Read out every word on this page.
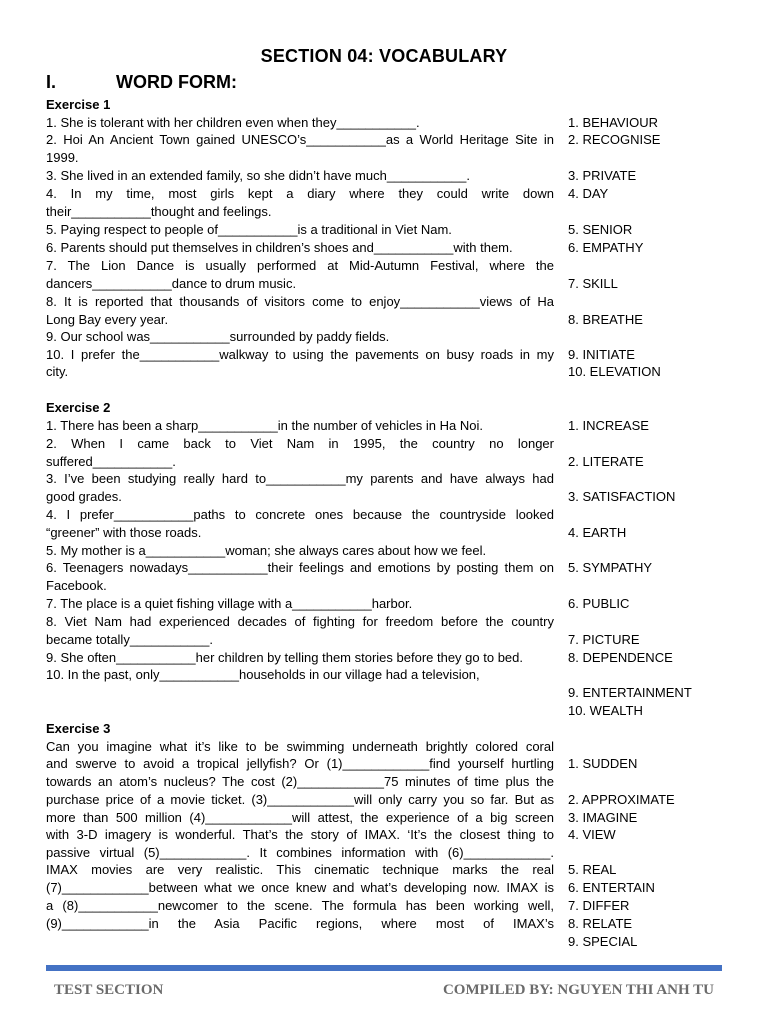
SECTION 04: VOCABULARY
I.	WORD FORM:
Exercise 1
Exercise 2
Exercise 3
1. She is tolerant with her children even when they___________.
2. Hoi An Ancient Town gained UNESCO’s___________as a World Heritage Site in
1999.
3. She lived in an extended family, so she didn’t have much___________.
4. In my time, most girls kept a diary where they could write down
their___________thought and feelings.
5. Paying respect to people of___________is a traditional in Viet Nam.
6. Parents should put themselves in children’s shoes and___________with them.
7. The Lion Dance is usually performed at Mid-Autumn Festival, where the
dancers___________dance to drum music.
8. It is reported that thousands of visitors come to enjoy___________views of Ha
Long Bay every year.
9. Our school was___________surrounded by paddy fields.
10. I prefer the___________walkway to using the pavements on busy roads in my
city.
1. BEHAVIOUR
2. RECOGNISE
3. PRIVATE
4. DAY
5. SENIOR
6. EMPATHY
7. SKILL
8. BREATHE
9. INITIATE
10. ELEVATION
1. There has been a sharp___________in the number of vehicles in Ha Noi.
2. When I came back to Viet Nam in 1995, the country no longer
suffered___________.
3. I’ve been studying really hard to___________my parents and have always had
good grades.
4. I prefer___________paths to concrete ones because the countryside looked
“greener” with those roads.
5. My mother is a___________woman; she always cares about how we feel.
6. Teenagers nowadays___________their feelings and emotions by posting them on
Facebook.
7. The place is a quiet fishing village with a___________harbor.
8. Viet Nam had experienced decades of fighting for freedom before the country
became totally___________.
9. She often___________her children by telling them stories before they go to bed.
10. In the past, only___________households in our village had a television,
1. INCREASE
2. LITERATE
3. SATISFACTION
4. EARTH
5. SYMPATHY
6. PUBLIC
7. PICTURE
8. DEPENDENCE
9. ENTERTAINMENT
10. WEALTH
Can you imagine what it’s like to be swimming underneath brightly colored coral
and swerve to avoid a tropical jellyfish? Or (1)____________find yourself hurtling
towards an atom’s nucleus? The cost (2)____________75 minutes of time plus the
purchase price of a movie ticket. (3)____________will only carry you so far. But as
more than 500 million (4)____________will attest, the experience of a big screen
with 3-D imagery is wonderful. That’s the story of IMAX. ‘It’s the closest thing to
passive virtual (5)____________. It combines information with (6)____________.
IMAX movies are very realistic. This cinematic technique marks the real
(7)____________between what we once knew and what’s developing now. IMAX is
a (8)___________newcomer to the scene. The formula has been working well,
(9)____________in the Asia Pacific regions, where most of IMAX’s
1. SUDDEN
2. APPROXIMATE
3. IMAGINE
4. VIEW
5. REAL
6. ENTERTAIN
7. DIFFER
8. RELATE
9. SPECIAL
TEST SECTION	COMPILED BY: NGUYEN THI ANH TU
